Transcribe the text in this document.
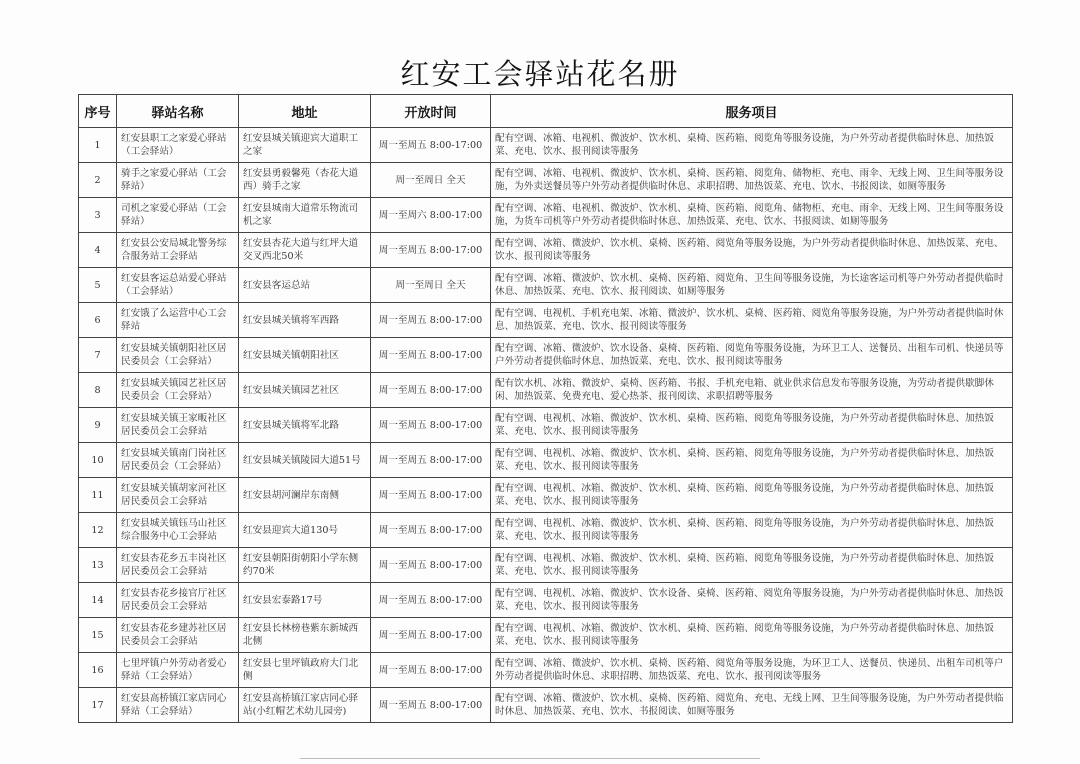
红安工会驿站花名册
序号	驿站名称	地址	开放时间	服务项目
1	红安县职工之家爱心驿站（工会驿站）	红安县城关镇迎宾大道职工之家	周一至周五 8:00-17:00	配有空调、冰箱、电视机、微波炉、饮水机、桌椅、医药箱、阅览角等服务设施，为户外劳动者提供临时休息、加热饭菜、充电、饮水、报刊阅读等服务
2	骑手之家爱心驿站（工会驿站）	红安县勇毅馨苑（杏花大道西）骑手之家	周一至周日 全天	配有空调、冰箱、电视机、微波炉、饮水机、桌椅、医药箱、阅览角、储物柜、充电、雨伞、无线上网、卫生间等服务设施，为外卖送餐员等户外劳动者提供临时休息、求职招聘、加热饭菜、充电、饮水、书报阅读、如厕等服务
3	司机之家爱心驿站（工会驿站）	红安县城南大道常乐物流司机之家	周一至周六 8:00-17:00	配有空调、冰箱、电视机、微波炉、饮水机、桌椅、医药箱、阅览角、储物柜、充电、雨伞、无线上网、卫生间等服务设施，为货车司机等户外劳动者提供临时休息、加热饭菜、充电、饮水、书报阅读、如厕等服务
4	红安县公安局城北警务综合服务站工会驿站	红安县杏花大道与红坪大道交叉西北50米	周一至周五 8:00-17:00	配有空调、冰箱、微波炉、饮水机、桌椅、医药箱、阅览角等服务设施，为户外劳动者提供临时休息、加热饭菜、充电、饮水、报刊阅读等服务
5	红安县客运总站爱心驿站（工会驿站）	红安县客运总站	周一至周日 全天	配有空调、冰箱、微波炉、饮水机、桌椅、医药箱、阅览角、卫生间等服务设施，为长途客运司机等户外劳动者提供临时休息、加热饭菜、充电、饮水、报刊阅读、如厕等服务
6	红安饿了么运营中心工会驿站	红安县城关镇将军西路	周一至周五 8:00-17:00	配有空调、电视机、手机充电架、冰箱、微波炉、饮水机、桌椅、医药箱、阅览角等服务设施，为户外劳动者提供临时休息、加热饭菜、充电、饮水、报刊阅读等服务
7	红安县城关镇朝阳社区居民委员会（工会驿站）	红安县城关镇朝阳社区	周一至周五 8:00-17:00	配有空调、冰箱、微波炉、饮水设备、桌椅、医药箱、阅览角等服务设施，为环卫工人、送餐员、出租车司机、快递员等户外劳动者提供临时休息、加热饭菜、充电、饮水、报刊阅读等服务
8	红安县城关镇园艺社区居民委员会（工会驿站）	红安县城关镇园艺社区	周一至周五 8:00-17:00	配有饮水机、冰箱、微波炉、桌椅、医药箱、书报、手机充电箱、就业供求信息发布等服务设施，为劳动者提供歇脚休闲、加热饭菜、免费充电、爱心热茶、报刊阅读、求职招聘等服务
9	红安县城关镇王家畈社区居民委员会工会驿站	红安县城关镇将军北路	周一至周五 8:00-17:00	配有空调、电视机、冰箱、微波炉、饮水机、桌椅、医药箱、阅览角等服务设施，为户外劳动者提供临时休息、加热饭菜、充电、饮水、报刊阅读等服务
10	红安县城关镇南门岗社区居民委员会（工会驿站）	红安县城关镇陵园大道51号	周一至周五 8:00-17:00	配有空调、电视机、冰箱、微波炉、饮水机、桌椅、医药箱、阅览角等服务设施，为户外劳动者提供临时休息、加热饭菜、充电、饮水、报刊阅读等服务
11	红安县城关镇胡家河社区居民委员会工会驿站	红安县胡河澜岸东南侧	周一至周五 8:00-17:00	配有空调、电视机、冰箱、微波炉、饮水机、桌椅、医药箱、阅览角等服务设施，为户外劳动者提供临时休息、加热饭菜、充电、饮水、报刊阅读等服务
12	红安县城关镇钰马山社区综合服务中心工会驿站	红安县迎宾大道130号	周一至周五 8:00-17:00	配有空调、电视机、冰箱、微波炉、饮水机、桌椅、医药箱、阅览角等服务设施，为户外劳动者提供临时休息、加热饭菜、充电、饮水、报刊阅读等服务
13	红安县杏花乡五丰岗社区居民委员会工会驿站	红安县朝阳街朝阳小学东侧约70米	周一至周五 8:00-17:00	配有空调、电视机、冰箱、微波炉、饮水机、桌椅、医药箱、阅览角等服务设施，为户外劳动者提供临时休息、加热饭菜、充电、饮水、报刊阅读等服务
14	红安县杏花乡接官厅社区居民委员会工会驿站	红安县宏泰路17号	周一至周五 8:00-17:00	配有空调、电视机、冰箱、微波炉、饮水设备、桌椅、医药箱、阅览角等服务设施，为户外劳动者提供临时休息、加热饭菜、充电、饮水、报刊阅读等服务
15	红安县杏花乡建苏社区居民委员会工会驿站	红安县长林榜巷紫东新城西北侧	周一至周五 8:00-17:00	配有空调、电视机、冰箱、微波炉、饮水机、桌椅、医药箱、阅览角等服务设施，为户外劳动者提供临时休息、加热饭菜、充电、饮水、报刊阅读等服务
16	七里坪镇户外劳动者爱心驿站（工会驿站）	红安县七里坪镇政府大门北侧	周一至周五 8:00-17:00	配有空调、冰箱、微波炉、饮水机、桌椅、医药箱、阅览角等服务设施，为环卫工人、送餐员、快递员、出租车司机等户外劳动者提供临时休息、求职招聘、加热饭菜、充电、饮水、报刊阅读等服务
17	红安县高桥镇江家店同心驿站（工会驿站）	红安县高桥镇江家店同心驿站(小红帽艺术幼儿园旁)	周一至周五 8:00-17:00	配有空调、冰箱、微波炉、饮水机、桌椅、医药箱、阅览角、充电、无线上网、卫生间等服务设施，为户外劳动者提供临时休息、加热饭菜、充电、饮水、书报阅读、如厕等服务
